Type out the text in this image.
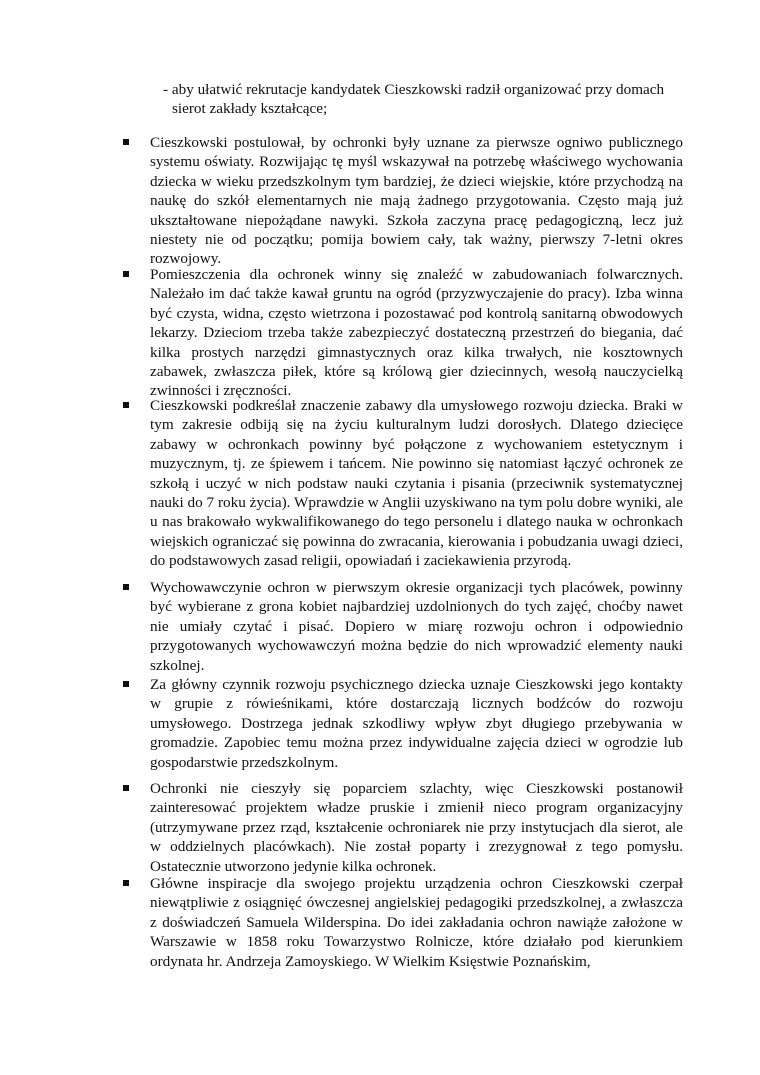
- aby ułatwić rekrutacje kandydatek Cieszkowski radził organizować przy domach sierot zakłady kształcące;
Cieszkowski postulował, by ochronki były uznane za pierwsze ogniwo publicznego systemu oświaty. Rozwijając tę myśl wskazywał na potrzebę właściwego wychowania dziecka w wieku przedszkolnym tym bardziej, że dzieci wiejskie, które przychodzą na naukę do szkół elementarnych nie mają żadnego przygotowania. Często mają już ukształtowane niepożądane nawyki. Szkoła zaczyna pracę pedagogiczną, lecz już niestety nie od początku; pomija bowiem cały, tak ważny, pierwszy 7-letni okres rozwojowy.
Pomieszczenia dla ochronek winny się znaleźć w zabudowaniach folwarcznych. Należało im dać także kawał gruntu na ogród (przyzwyczajenie do pracy). Izba winna być czysta, widna, często wietrzona i pozostawać pod kontrolą sanitarną obwodowych lekarzy. Dzieciom trzeba także zabezpieczyć dostateczną przestrzeń do biegania, dać kilka prostych narzędzi gimnastycznych oraz kilka trwałych, nie kosztownych zabawek, zwłaszcza piłek, które są królową gier dziecinnych, wesołą nauczycielką zwinności i zręczności.
Cieszkowski podkreślał znaczenie zabawy dla umysłowego rozwoju dziecka. Braki w tym zakresie odbiją się na życiu kulturalnym ludzi dorosłych. Dlatego dziecięce zabawy w ochronkach powinny być połączone z wychowaniem estetycznym i muzycznym, tj. ze śpiewem i tańcem. Nie powinno się natomiast łączyć ochronek ze szkołą i uczyć w nich podstaw nauki czytania i pisania (przeciwnik systematycznej nauki do 7 roku życia). Wprawdzie w Anglii uzyskiwano na tym polu dobre wyniki, ale u nas brakowało wykwalifikowanego do tego personelu i dlatego nauka w ochronkach wiejskich ograniczać się powinna do zwracania, kierowania i pobudzania uwagi dzieci, do podstawowych zasad religii, opowiadań i zaciekawienia przyrodą.
Wychowawczynie ochron w pierwszym okresie organizacji tych placówek, powinny być wybierane z grona kobiet najbardziej uzdolnionych do tych zajęć, choćby nawet nie umiały czytać i pisać. Dopiero w miarę rozwoju ochron i odpowiednio przygotowanych wychowawczyń można będzie do nich wprowadzić elementy nauki szkolnej.
Za główny czynnik rozwoju psychicznego dziecka uznaje Cieszkowski jego kontakty w grupie z rówieśnikami, które dostarczają licznych bodźców do rozwoju umysłowego. Dostrzega jednak szkodliwy wpływ zbyt długiego przebywania w gromadzie. Zapobiec temu można przez indywidualne zajęcia dzieci w ogrodzie lub gospodarstwie przedszkolnym.
Ochronki nie cieszyły się poparciem szlachty, więc Cieszkowski postanowił zainteresować projektem władze pruskie i zmienił nieco program organizacyjny (utrzymywane przez rząd, kształcenie ochroniarek nie przy instytucjach dla sierot, ale w oddzielnych placówkach). Nie został poparty i zrezygnował z tego pomysłu. Ostatecznie utworzono jedynie kilka ochronek.
Główne inspiracje dla swojego projektu urządzenia ochron Cieszkowski czerpał niewątpliwie z osiągnięć ówczesnej angielskiej pedagogiki przedszkolnej, a zwłaszcza z doświadczeń Samuela Wilderspina. Do idei zakładania ochron nawiąże założone w Warszawie w 1858 roku Towarzystwo Rolnicze, które działało pod kierunkiem ordynata hr. Andrzeja Zamoyskiego. W Wielkim Księstwie Poznańskim,
